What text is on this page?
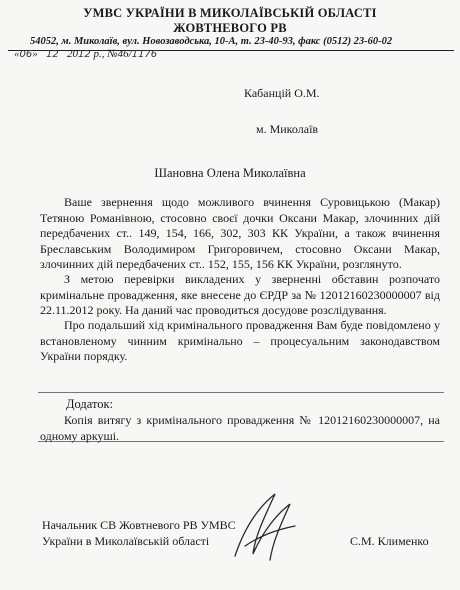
УМВС УКРАЇНИ В МИКОЛАЇВСЬКІЙ ОБЛАСТІ
ЖОВТНЕВОГО РВ
54052, м. Миколаїв, вул. Новозаводська, 10-А, т. 23-40-93, факс (0512) 23-60-02
«06»   12 2012 р., №46/1176
Кабанцій О.М.
м. Миколаїв
Шановна Олена Миколаївна

Ваше звернення щодо можливого вчинення Суровицькою (Макар) Тетяною Романівною, стосовно своєї дочки Оксани Макар, злочинних дій передбачених ст.. 149, 154, 166, 302, 303 КК України, а також вчинення Бреславським Володимиром Григоровичем, стосовно Оксани Макар, злочинних дій передбачених ст.. 152, 155, 156 КК України, розглянуто.

З метою перевірки викладених у зверненні обставин розпочато кримінальне провадження, яке внесене до ЄРДР за № 12012160230000007 від 22.11.2012 року. На даний час проводиться досудове розслідування.

Про подальший хід кримінального провадження Вам буде повідомлено у встановленому чинним кримінально – процесуальним законодавством України порядку.

Додаток:

Копія витягу з кримінального провадження № 12012160230000007, на одному аркуші.

Начальник СВ Жовтневого РВ УМВС
України в Миколаївській області	С.М. Клименко
